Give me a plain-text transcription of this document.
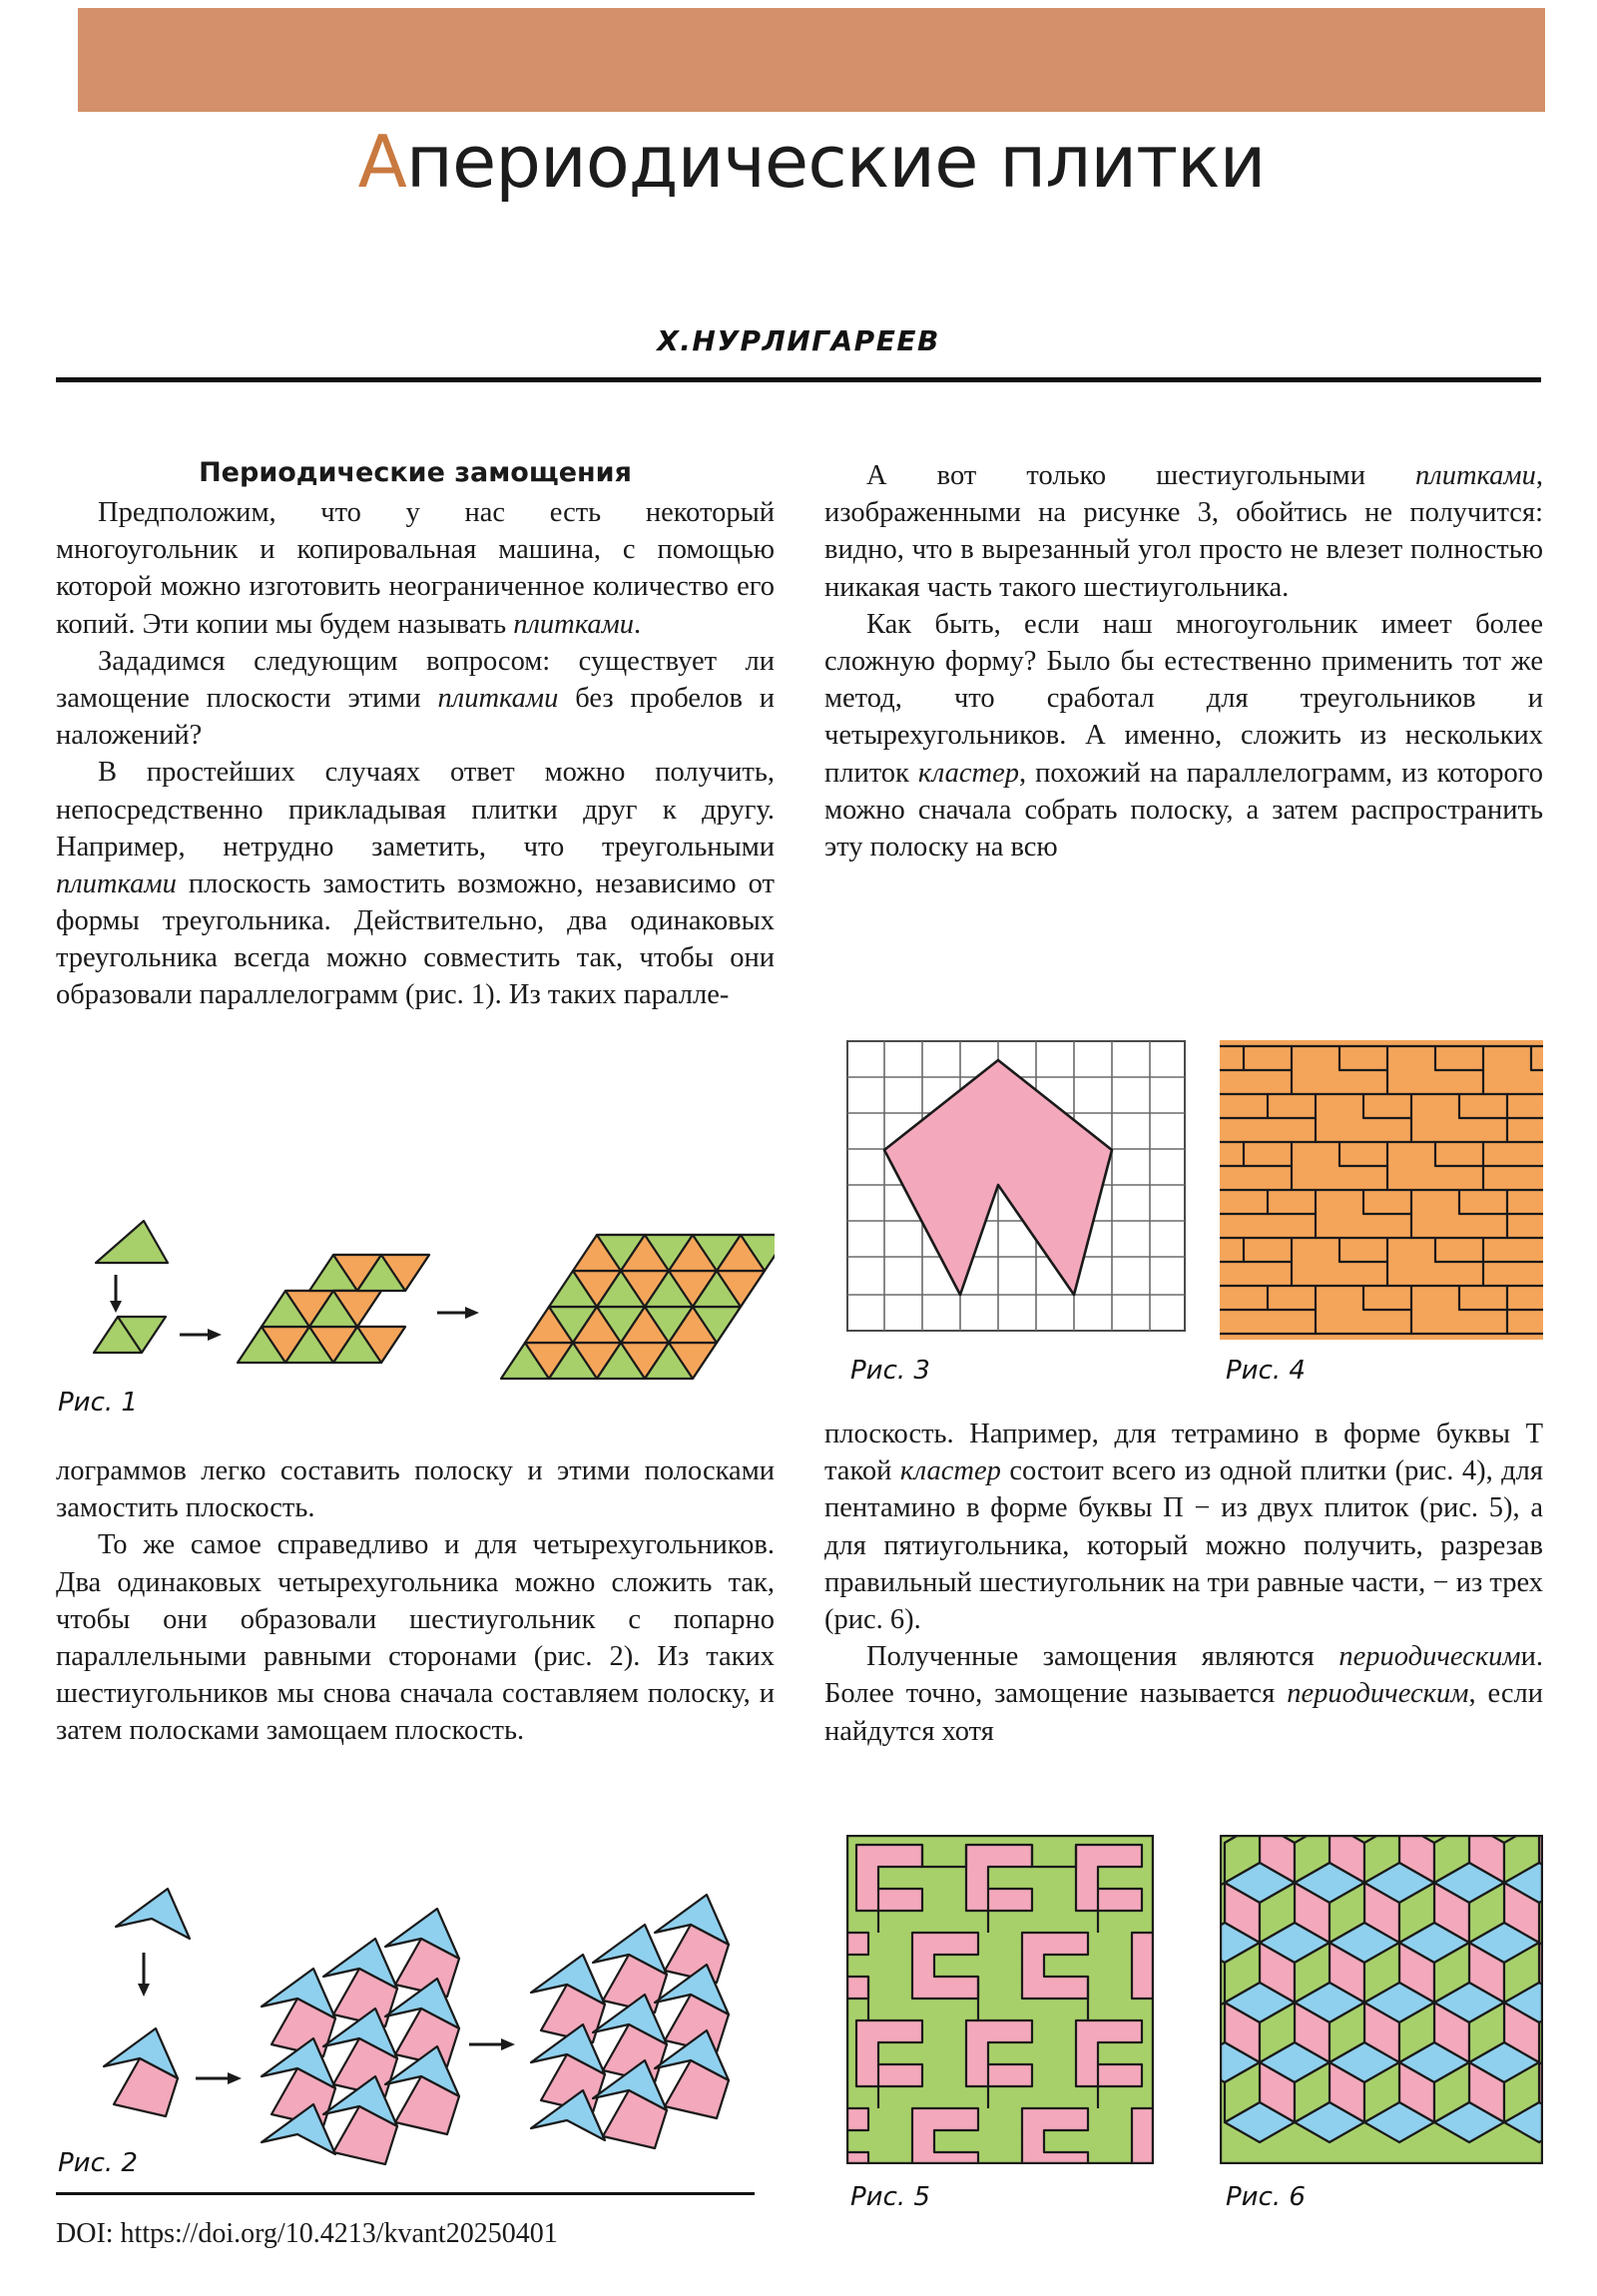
Апериодические плитки
Х.НУРЛИГАРЕЕВ
Периодические замощения

Предположим, что у нас есть некоторый многоугольник и копировальная машина, с помощью которой можно изготовить неограниченное количество его копий. Эти копии мы будем называть плитками.

Зададимся следующим вопросом: существует ли замощение плоскости этими плитками без пробелов и наложений?

В простейших случаях ответ можно получить, непосредственно прикладывая плитки друг к другу. Например, нетрудно заметить, что треугольными плитками плоскость замостить возможно, независимо от формы треугольника. Действительно, два одинаковых треугольника всегда можно совместить так, чтобы они образовали параллелограмм (рис. 1). Из таких паралле-

Рис. 1

лограммов легко составить полоску и этими полосками замостить плоскость.

То же самое справедливо и для четырехугольников. Два одинаковых четырехугольника можно сложить так, чтобы они образовали шестиугольник с попарно параллельными равными сторонами (рис. 2). Из таких шестиугольников мы снова сначала составляем полоску, и затем полосками замощаем плоскость.

Рис. 2
DOI: https://doi.org/10.4213/kvant20250401

А вот только шестиугольными плитками, изображенными на рисунке 3, обойтись не получится: видно, что в вырезанный угол просто не влезет полностью никакая часть такого шестиугольника.

Как быть, если наш многоугольник имеет более сложную форму? Было бы естественно применить тот же метод, что сработал для треугольников и четырехугольников. А именно, сложить из нескольких плиток кластер, похожий на параллелограмм, из которого можно сначала собрать полоску, а затем распространить эту полоску на всю

Рис. 3	Рис. 4

плоскость. Например, для тетрамино в форме буквы Т такой кластер состоит всего из одной плитки (рис. 4), для пентамино в форме буквы П − из двух плиток (рис. 5), а для пятиугольника, который можно получить, разрезав правильный шестиугольник на три равные части, − из трех (рис. 6).

Полученные замощения являются периодическими. Более точно, замощение называется периодическим, если найдутся хотя

Рис. 5	Рис. 6
